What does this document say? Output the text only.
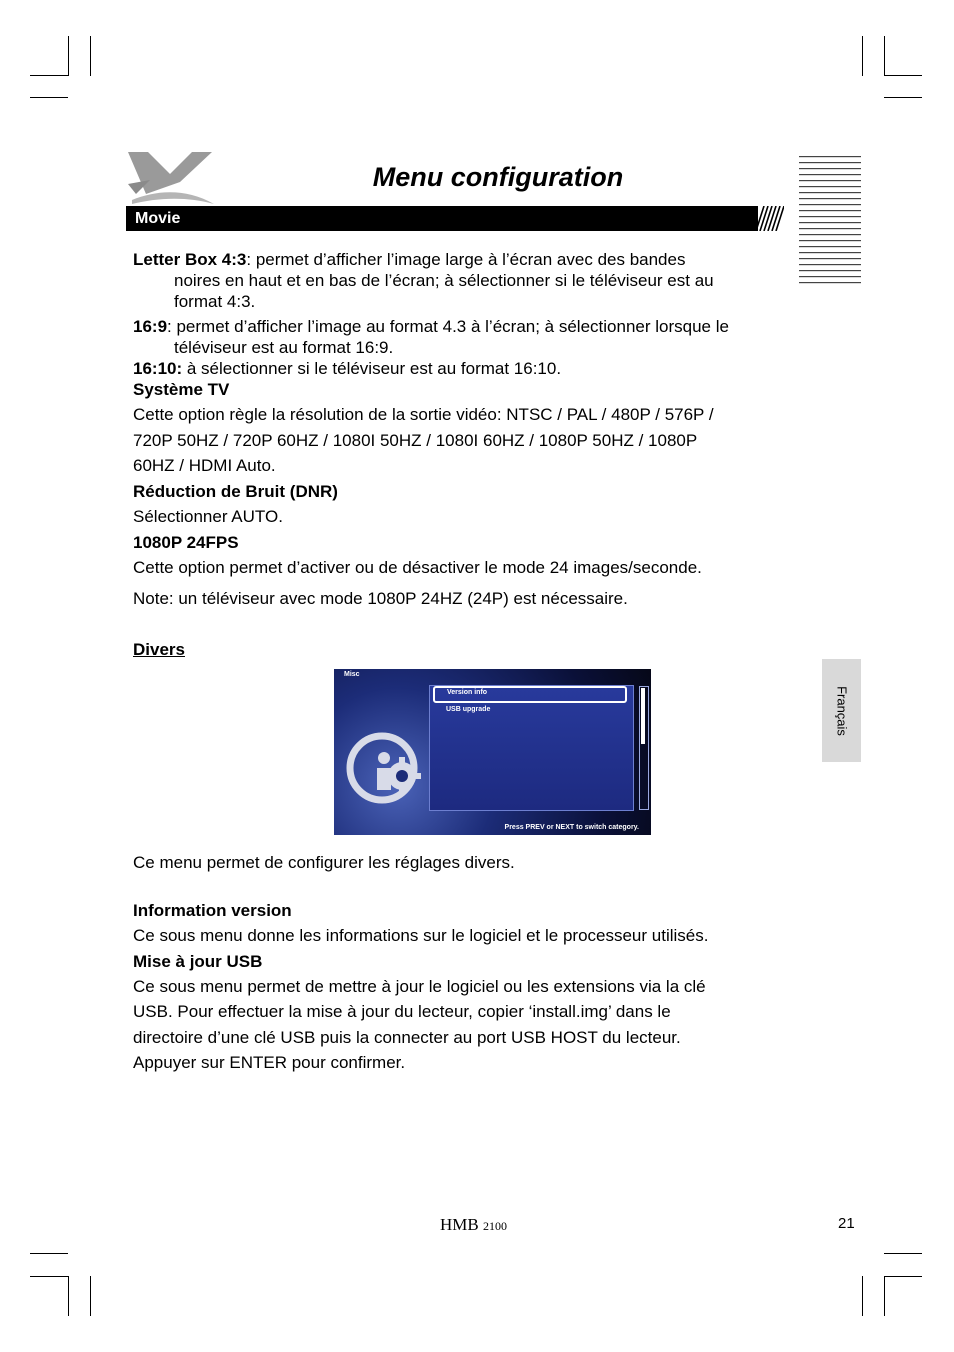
Menu configuration
Movie
Français
Letter Box 4:3: permet d’afficher l’image large à l’écran avec des bandes
noires en haut et en bas de l’écran; à sélectionner si le téléviseur est au
format 4:3.
16:9: permet d’afficher l’image au format 4.3 à l’écran; à sélectionner lorsque le
téléviseur est au format 16:9.
16:10: à sélectionner si le téléviseur est au format 16:10.
Système TV
Cette option règle la résolution de la sortie vidéo: NTSC / PAL / 480P / 576P /
720P 50HZ / 720P 60HZ / 1080I 50HZ / 1080I 60HZ / 1080P 50HZ / 1080P
60HZ / HDMI Auto.
Réduction de Bruit (DNR)
Sélectionner AUTO.
1080P 24FPS
Cette option permet d’activer ou de désactiver le mode 24 images/seconde.
Note: un téléviseur avec mode 1080P 24HZ (24P) est nécessaire.
Divers
Misc
Version info
USB upgrade
Press PREV or NEXT to switch category.
Ce menu permet de configurer les réglages divers.
Information version
Ce sous menu donne les informations sur le logiciel et le processeur utilisés.
Mise à jour USB
Ce sous menu permet de mettre à jour le logiciel ou les extensions via la clé
USB. Pour effectuer la mise à jour du lecteur, copier ‘install.img’ dans le
directoire d’une clé USB puis la connecter au port USB HOST du lecteur.
Appuyer sur ENTER pour confirmer.
HMB 2100	21
